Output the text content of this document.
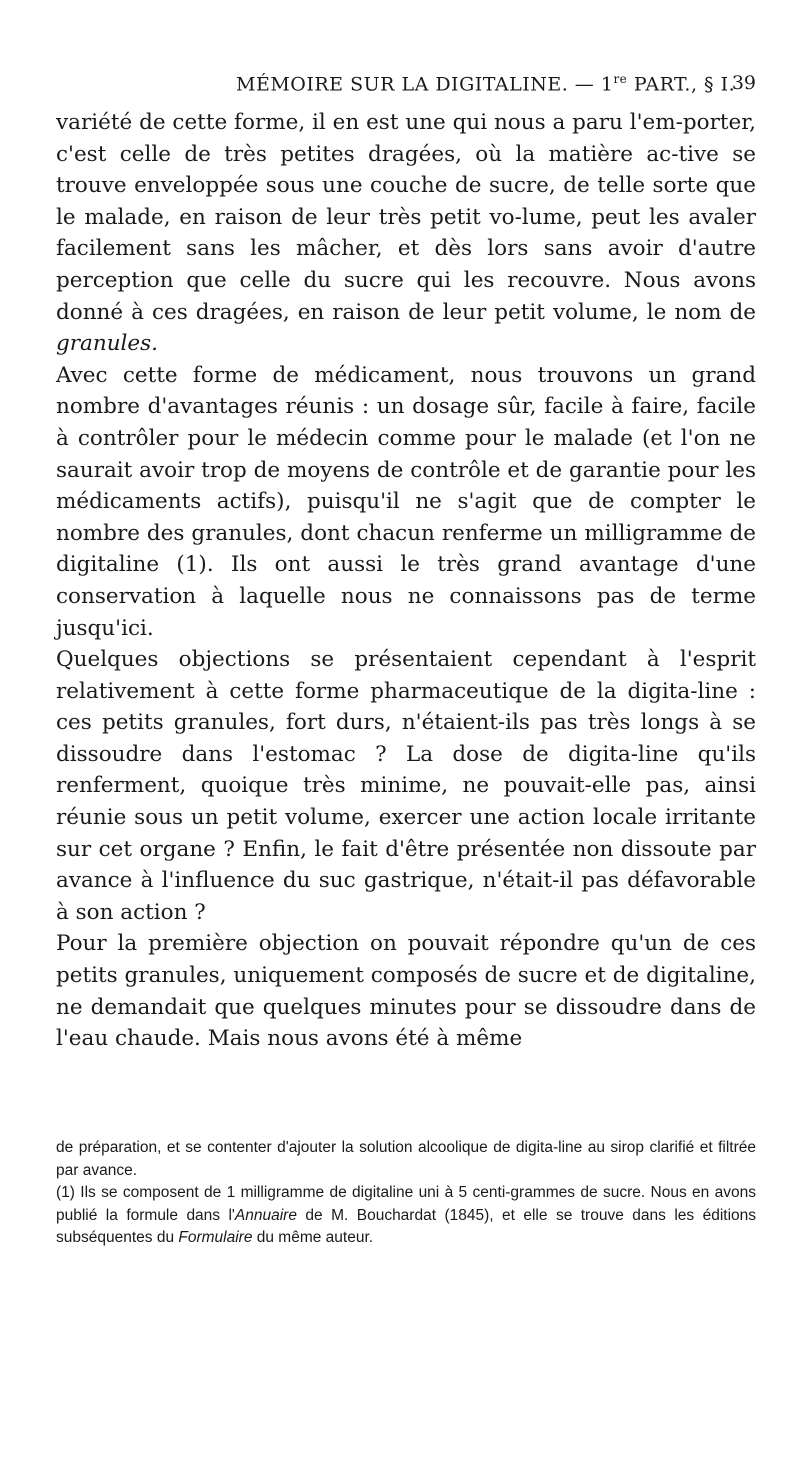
MÉMOIRE SUR LA DIGITALINE. — 1re PART., § I.
39

variété de cette forme, il en est une qui nous a paru l'em-porter, c'est celle de très petites dragées, où la matière ac-tive se trouve enveloppée sous une couche de sucre, de telle sorte que le malade, en raison de leur très petit vo-lume, peut les avaler facilement sans les mâcher, et dès lors sans avoir d'autre perception que celle du sucre qui les recouvre. Nous avons donné à ces dragées, en raison de leur petit volume, le nom de granules.

Avec cette forme de médicament, nous trouvons un grand nombre d'avantages réunis : un dosage sûr, facile à faire, facile à contrôler pour le médecin comme pour le malade (et l'on ne saurait avoir trop de moyens de contrôle et de garantie pour les médicaments actifs), puisqu'il ne s'agit que de compter le nombre des granules, dont chacun renferme un milligramme de digitaline (1). Ils ont aussi le très grand avantage d'une conservation à laquelle nous ne connaissons pas de terme jusqu'ici.

Quelques objections se présentaient cependant à l'esprit relativement à cette forme pharmaceutique de la digita-line : ces petits granules, fort durs, n'étaient-ils pas très longs à se dissoudre dans l'estomac ? La dose de digita-line qu'ils renferment, quoique très minime, ne pouvait-elle pas, ainsi réunie sous un petit volume, exercer une action locale irritante sur cet organe ? Enfin, le fait d'être présentée non dissoute par avance à l'influence du suc gastrique, n'était-il pas défavorable à son action ?

Pour la première objection on pouvait répondre qu'un de ces petits granules, uniquement composés de sucre et de digitaline, ne demandait que quelques minutes pour se dissoudre dans de l'eau chaude. Mais nous avons été à même

de préparation, et se contenter d'ajouter la solution alcoolique de digita-line au sirop clarifié et filtrée par avance.

(1) Ils se composent de 1 milligramme de digitaline uni à 5 centi-grammes de sucre. Nous en avons publié la formule dans l'Annuaire de M. Bouchardat (1845), et elle se trouve dans les éditions subséquentes du Formulaire du même auteur.
